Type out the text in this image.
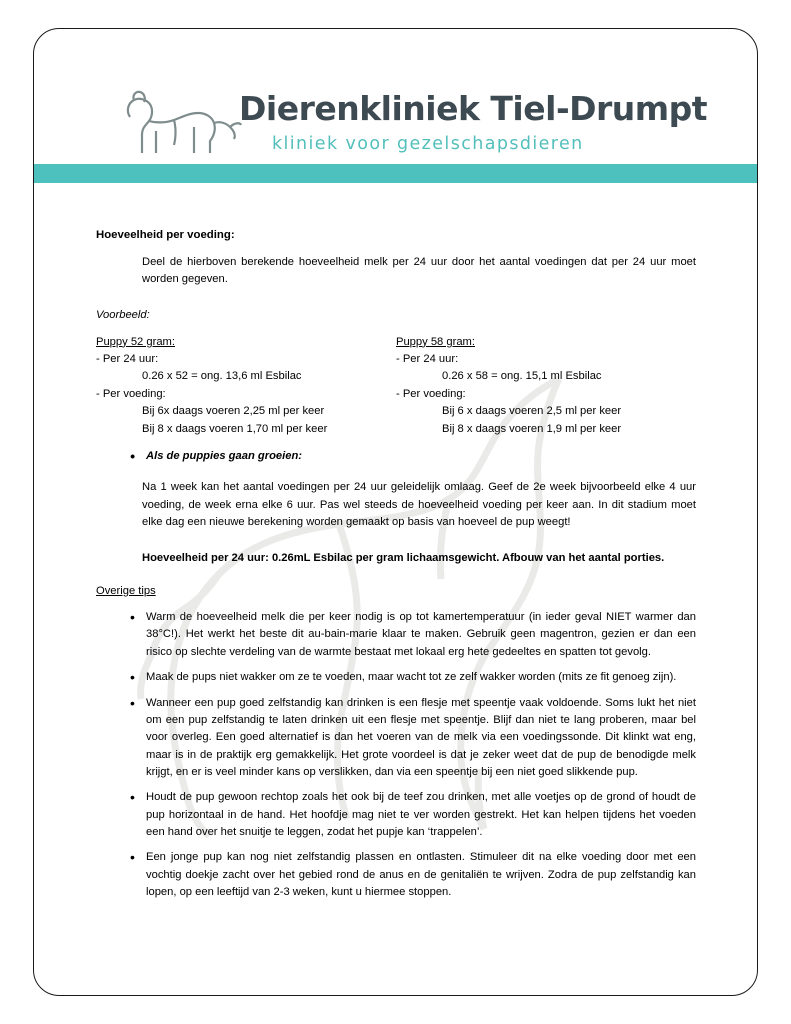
Dierenkliniek Tiel-Drumpt
kliniek voor gezelschapsdieren
Hoeveelheid per voeding:
Deel de hierboven berekende hoeveelheid melk per 24 uur door het aantal voedingen dat per 24 uur moet worden gegeven.
Voorbeeld:
Puppy 52 gram:
- Per 24 uur:
0.26 x 52 = ong. 13,6 ml Esbilac
- Per voeding:
Bij 6x daags voeren 2,25 ml per keer
Bij 8 x daags voeren 1,70 ml per keer
Puppy 58 gram:
- Per 24 uur:
0.26 x 58 = ong. 15,1 ml Esbilac
- Per voeding:
Bij 6 x daags voeren 2,5 ml per keer
Bij 8 x daags voeren 1,9 ml per keer
• Als de puppies gaan groeien:
Na 1 week kan het aantal voedingen per 24 uur geleidelijk omlaag. Geef de 2e week bijvoorbeeld elke 4 uur voeding, de week erna elke 6 uur. Pas wel steeds de hoeveelheid voeding per keer aan. In dit stadium moet elke dag een nieuwe berekening worden gemaakt op basis van hoeveel de pup weegt!
Hoeveelheid per 24 uur: 0.26mL Esbilac per gram lichaamsgewicht. Afbouw van het aantal porties.
Overige tips
• Warm de hoeveelheid melk die per keer nodig is op tot kamertemperatuur (in ieder geval NIET warmer dan 38°C!). Het werkt het beste dit au-bain-marie klaar te maken. Gebruik geen magentron, gezien er dan een risico op slechte verdeling van de warmte bestaat met lokaal erg hete gedeeltes en spatten tot gevolg.
• Maak de pups niet wakker om ze te voeden, maar wacht tot ze zelf wakker worden (mits ze fit genoeg zijn).
• Wanneer een pup goed zelfstandig kan drinken is een flesje met speentje vaak voldoende. Soms lukt het niet om een pup zelfstandig te laten drinken uit een flesje met speentje. Blijf dan niet te lang proberen, maar bel voor overleg. Een goed alternatief is dan het voeren van de melk via een voedingssonde. Dit klinkt wat eng, maar is in de praktijk erg gemakkelijk. Het grote voordeel is dat je zeker weet dat de pup de benodigde melk krijgt, en er is veel minder kans op verslikken, dan via een speentje bij een niet goed slikkende pup.
• Houdt de pup gewoon rechtop zoals het ook bij de teef zou drinken, met alle voetjes op de grond of houdt de pup horizontaal in de hand. Het hoofdje mag niet te ver worden gestrekt. Het kan helpen tijdens het voeden een hand over het snuitje te leggen, zodat het pupje kan ‘trappelen’.
• Een jonge pup kan nog niet zelfstandig plassen en ontlasten. Stimuleer dit na elke voeding door met een vochtig doekje zacht over het gebied rond de anus en de genitaliën te wrijven. Zodra de pup zelfstandig kan lopen, op een leeftijd van 2-3 weken, kunt u hiermee stoppen.
